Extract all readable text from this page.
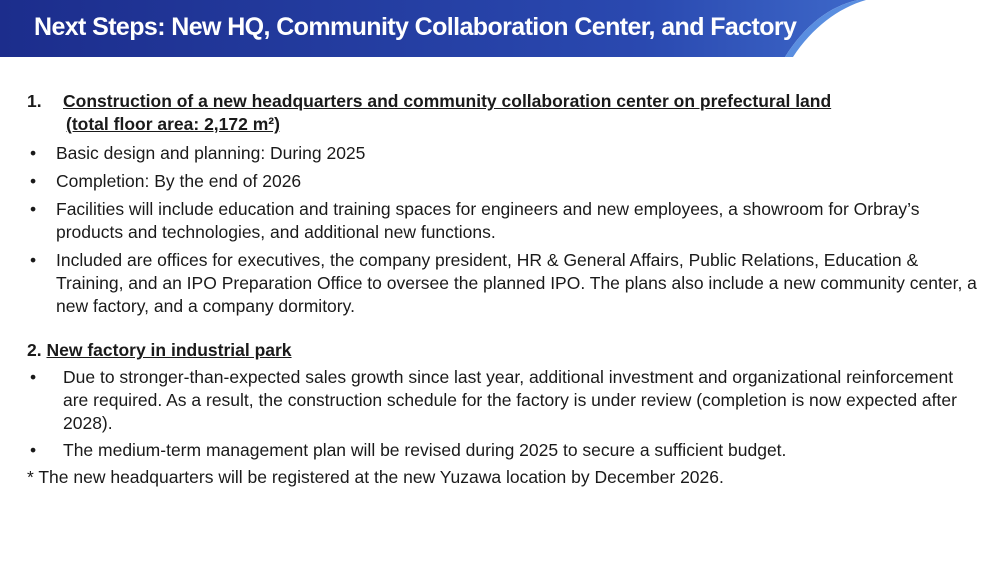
Next Steps: New HQ, Community Collaboration Center, and Factory
1. Construction of a new headquarters and community collaboration center on prefectural land
(total floor area: 2,172 m²)
• Basic design and planning: During 2025
• Completion: By the end of 2026
• Facilities will include education and training spaces for engineers and new employees, a showroom for Orbray’s products and technologies, and additional new functions.
• Included are offices for executives, the company president, HR & General Affairs, Public Relations, Education & Training, and an IPO Preparation Office to oversee the planned IPO. The plans also include a new community center, a new factory, and a company dormitory.
2. New factory in industrial park
• Due to stronger-than-expected sales growth since last year, additional investment and organizational reinforcement are required. As a result, the construction schedule for the factory is under review (completion is now expected after 2028).
• The medium-term management plan will be revised during 2025 to secure a sufficient budget.
* The new headquarters will be registered at the new Yuzawa location by December 2026.
